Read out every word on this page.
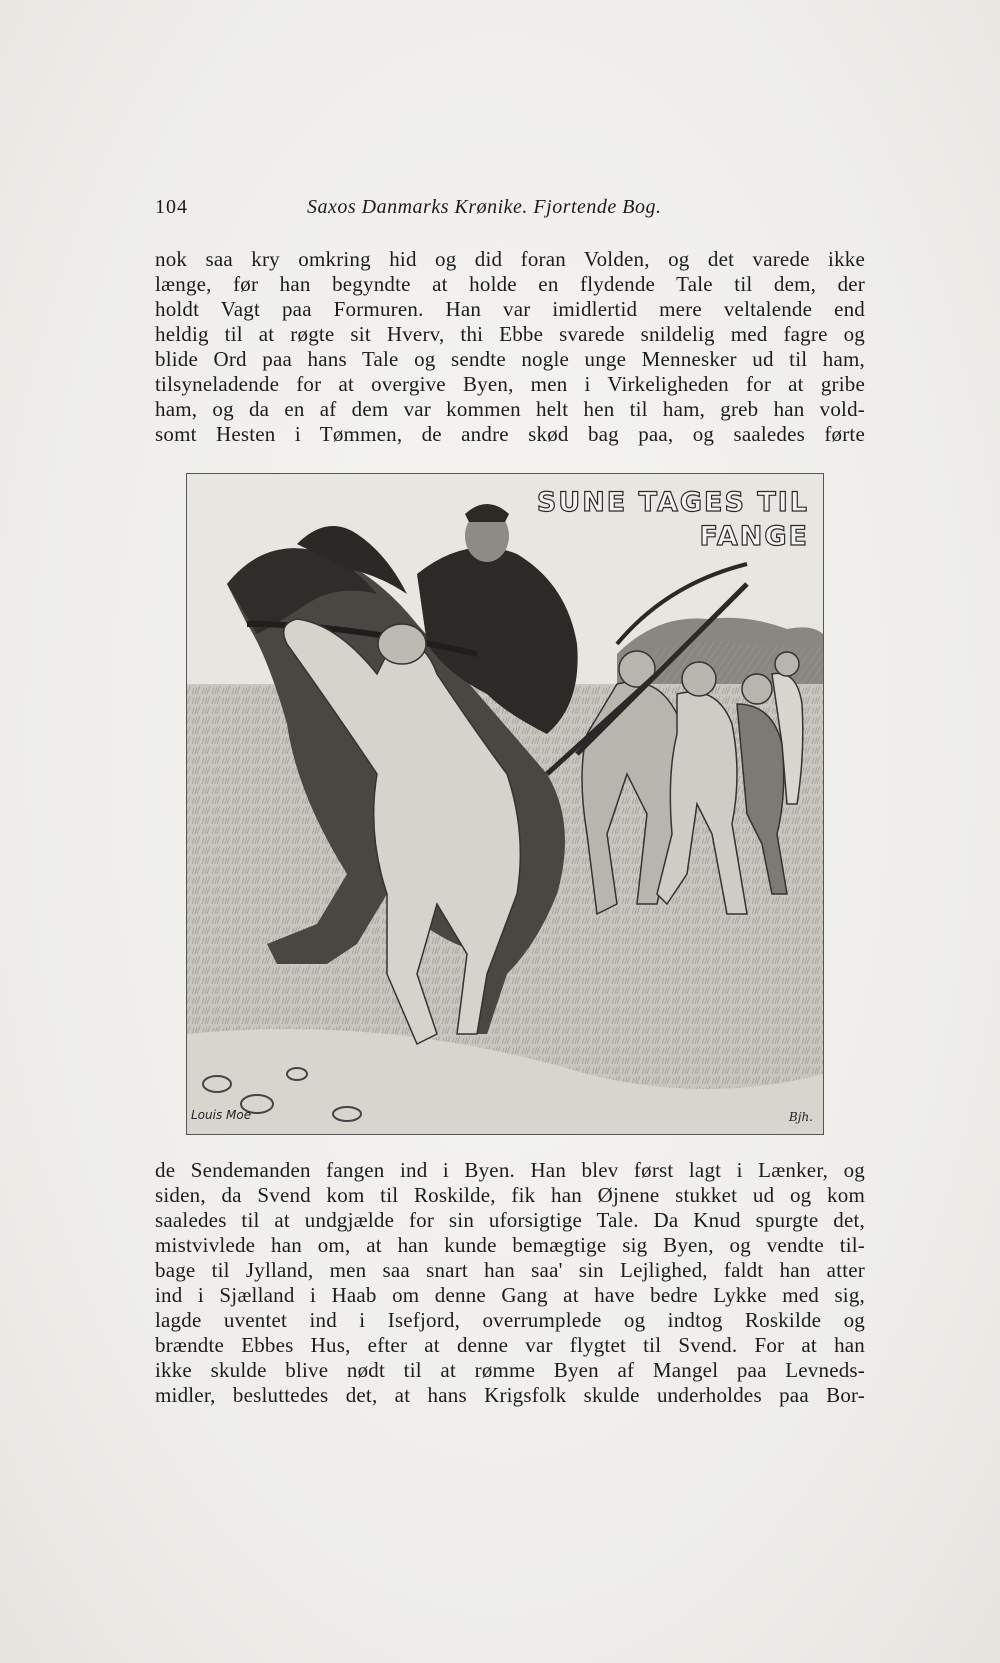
104	Saxos Danmarks Krønike. Fjortende Bog.
nok saa kry omkring hid og did foran Volden, og det varede ikke
længe, før han begyndte at holde en flydende Tale til dem, der
holdt Vagt paa Formuren. Han var imidlertid mere veltalende end
heldig til at røgte sit Hverv, thi Ebbe svarede snildelig med fagre og
blide Ord paa hans Tale og sendte nogle unge Mennesker ud til ham,
tilsyneladende for at overgive Byen, men i Virkeligheden for at gribe
ham, og da en af dem var kommen helt hen til ham, greb han vold-
somt Hesten i Tømmen, de andre skød bag paa, og saaledes førte
SUNE TAGES TIL
FANGE
Louis Moe	Bjh.
de Sendemanden fangen ind i Byen. Han blev først lagt i Lænker, og
siden, da Svend kom til Roskilde, fik han Øjnene stukket ud og kom
saaledes til at undgjælde for sin uforsigtige Tale. Da Knud spurgte det,
mistvivlede han om, at han kunde bemægtige sig Byen, og vendte til-
bage til Jylland, men saa snart han saa' sin Lejlighed, faldt han atter
ind i Sjælland i Haab om denne Gang at have bedre Lykke med sig,
lagde uventet ind i Isefjord, overrumplede og indtog Roskilde og
brændte Ebbes Hus, efter at denne var flygtet til Svend. For at han
ikke skulde blive nødt til at rømme Byen af Mangel paa Levneds-
midler, besluttedes det, at hans Krigsfolk skulde underholdes paa Bor-
